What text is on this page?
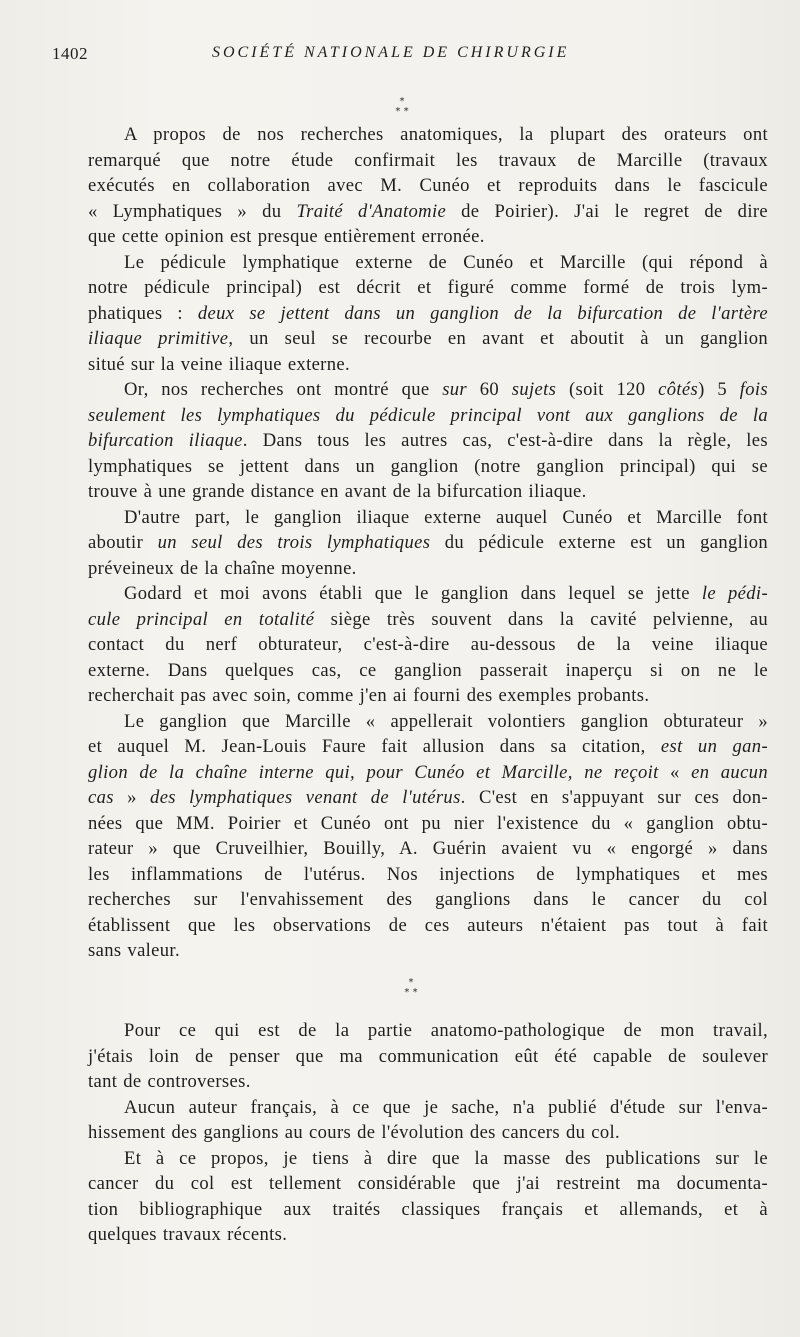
1402	SOCIÉTÉ NATIONALE DE CHIRURGIE
*
* *

A propos de nos recherches anatomiques, la plupart des orateurs ont
remarqué que notre étude confirmait les travaux de Marcille (travaux
exécutés en collaboration avec M. Cunéo et reproduits dans le fascicule
« Lymphatiques » du Traité d'Anatomie de Poirier). J'ai le regret de dire
que cette opinion est presque entièrement erronée.

Le pédicule lymphatique externe de Cunéo et Marcille (qui répond à
notre pédicule principal) est décrit et figuré comme formé de trois lym-
phatiques : deux se jettent dans un ganglion de la bifurcation de l'artère
iliaque primitive, un seul se recourbe en avant et aboutit à un ganglion
situé sur la veine iliaque externe.

Or, nos recherches ont montré que sur 60 sujets (soit 120 côtés) 5 fois
seulement les lymphatiques du pédicule principal vont aux ganglions de la
bifurcation iliaque. Dans tous les autres cas, c'est-à-dire dans la règle, les
lymphatiques se jettent dans un ganglion (notre ganglion principal) qui se
trouve à une grande distance en avant de la bifurcation iliaque.

D'autre part, le ganglion iliaque externe auquel Cunéo et Marcille font
aboutir un seul des trois lymphatiques du pédicule externe est un ganglion
préveineux de la chaîne moyenne.

Godard et moi avons établi que le ganglion dans lequel se jette le pédi-
cule principal en totalité siège très souvent dans la cavité pelvienne, au
contact du nerf obturateur, c'est-à-dire au-dessous de la veine iliaque
externe. Dans quelques cas, ce ganglion passerait inaperçu si on ne le
recherchait pas avec soin, comme j'en ai fourni des exemples probants.

Le ganglion que Marcille « appellerait volontiers ganglion obturateur »
et auquel M. Jean-Louis Faure fait allusion dans sa citation, est un gan-
glion de la chaîne interne qui, pour Cunéo et Marcille, ne reçoit « en aucun
cas » des lymphatiques venant de l'utérus. C'est en s'appuyant sur ces don-
nées que MM. Poirier et Cunéo ont pu nier l'existence du « ganglion obtu-
rateur » que Cruveilhier, Bouilly, A. Guérin avaient vu « engorgé » dans
les inflammations de l'utérus. Nos injections de lymphatiques et mes
recherches sur l'envahissement des ganglions dans le cancer du col
établissent que les observations de ces auteurs n'étaient pas tout à fait
sans valeur.

*
* *

Pour ce qui est de la partie anatomo-pathologique de mon travail,
j'étais loin de penser que ma communication eût été capable de soulever
tant de controverses.

Aucun auteur français, à ce que je sache, n'a publié d'étude sur l'enva-
hissement des ganglions au cours de l'évolution des cancers du col.

Et à ce propos, je tiens à dire que la masse des publications sur le
cancer du col est tellement considérable que j'ai restreint ma documenta-
tion bibliographique aux traités classiques français et allemands, et à
quelques travaux récents.
